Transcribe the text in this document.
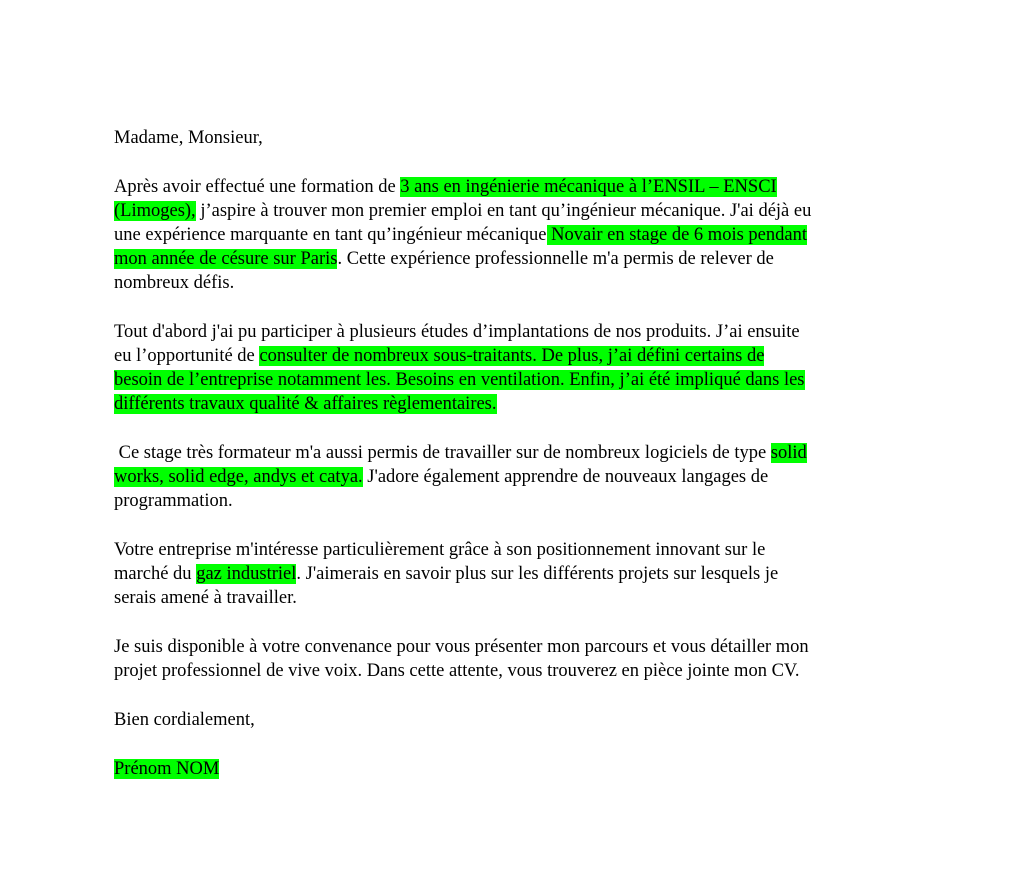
Madame, Monsieur,
Après avoir effectué une formation de 3 ans en ingénierie mécanique à l’ENSIL – ENSCI
(Limoges), j’aspire à trouver mon premier emploi en tant qu’ingénieur mécanique. J'ai déjà eu
une expérience marquante en tant qu’ingénieur mécanique Novair en stage de 6 mois pendant
mon année de césure sur Paris. Cette expérience professionnelle m'a permis de relever de
nombreux défis.
Tout d'abord j'ai pu participer à plusieurs études d’implantations de nos produits. J’ai ensuite
eu l’opportunité de consulter de nombreux sous-traitants. De plus, j’ai défini certains de
besoin de l’entreprise notamment les. Besoins en ventilation. Enfin, j’ai été impliqué dans les
différents travaux qualité & affaires règlementaires.
Ce stage très formateur m'a aussi permis de travailler sur de nombreux logiciels de type solid
works, solid edge, andys et catya. J'adore également apprendre de nouveaux langages de
programmation.
Votre entreprise m'intéresse particulièrement grâce à son positionnement innovant sur le
marché du gaz industriel. J'aimerais en savoir plus sur les différents projets sur lesquels je
serais amené à travailler.
Je suis disponible à votre convenance pour vous présenter mon parcours et vous détailler mon
projet professionnel de vive voix. Dans cette attente, vous trouverez en pièce jointe mon CV.
Bien cordialement,
Prénom NOM
